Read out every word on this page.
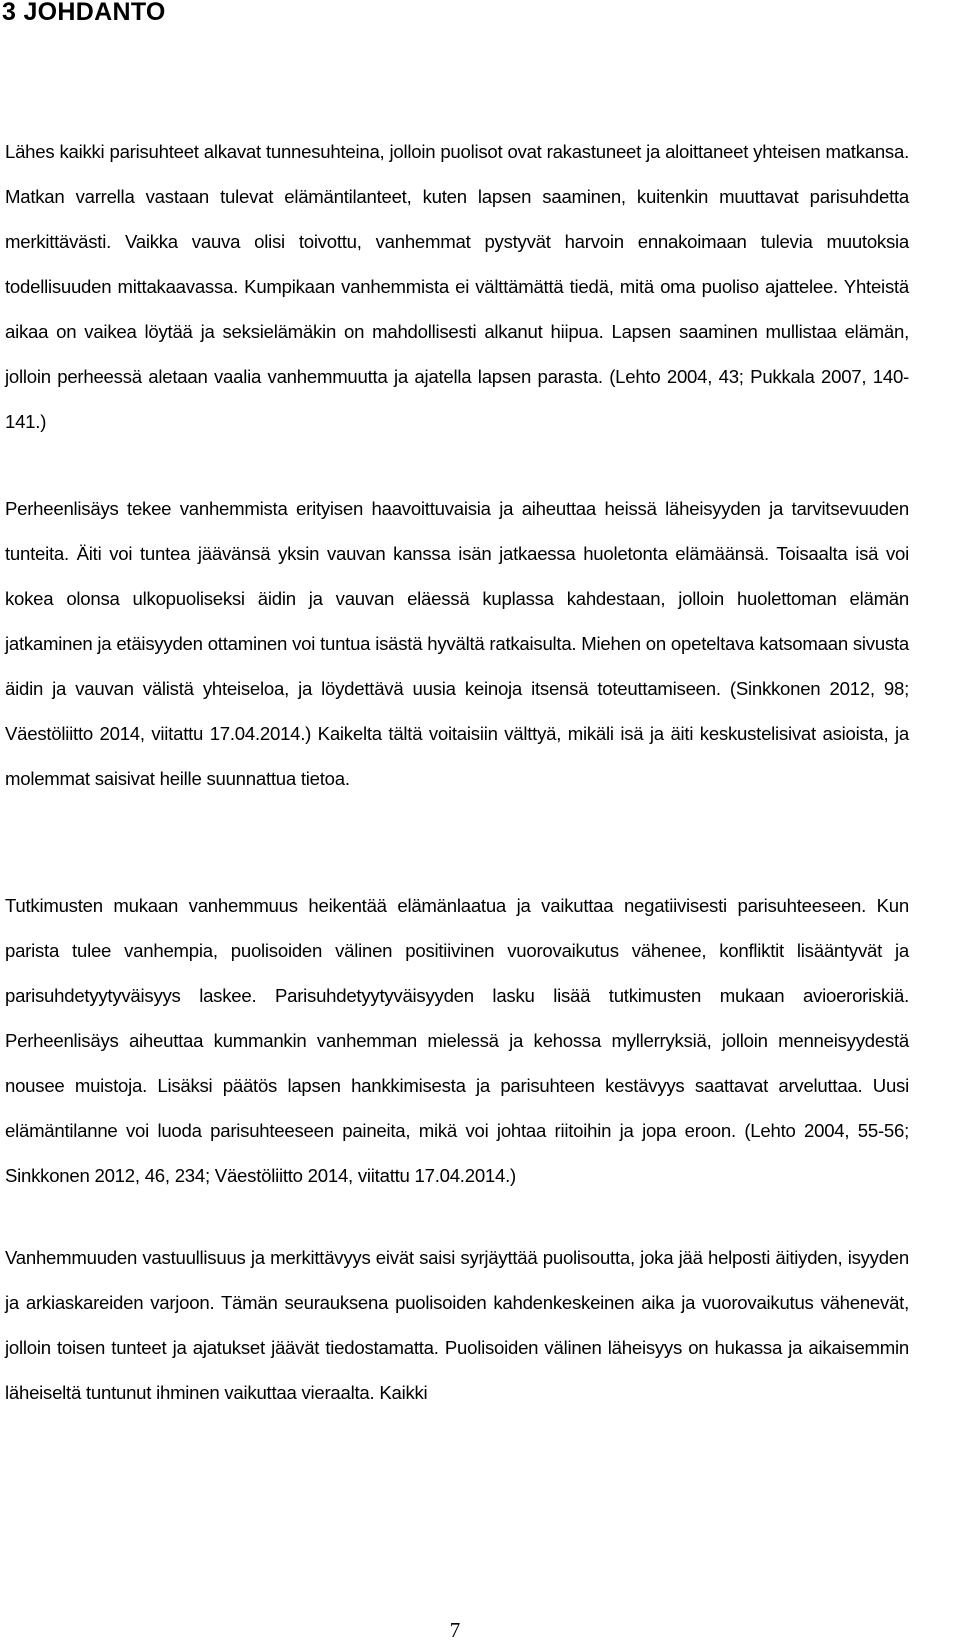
3 JOHDANTO

Lähes kaikki parisuhteet alkavat tunnesuhteina, jolloin puolisot ovat rakastuneet ja aloittaneet yhteisen matkansa. Matkan varrella vastaan tulevat elämäntilanteet, kuten lapsen saaminen, kuitenkin muuttavat parisuhdetta merkittävästi. Vaikka vauva olisi toivottu, vanhemmat pystyvät harvoin ennakoimaan tulevia muutoksia todellisuuden mittakaavassa. Kumpikaan vanhemmista ei välttämättä tiedä, mitä oma puoliso ajattelee. Yhteistä aikaa on vaikea löytää ja seksielämäkin on mahdollisesti alkanut hiipua. Lapsen saaminen mullistaa elämän, jolloin perheessä aletaan vaalia vanhemmuutta ja ajatella lapsen parasta. (Lehto 2004, 43; Pukkala 2007, 140-141.)

Perheenlisäys tekee vanhemmista erityisen haavoittuvaisia ja aiheuttaa heissä läheisyyden ja tarvitsevuuden tunteita. Äiti voi tuntea jäävänsä yksin vauvan kanssa isän jatkaessa huoletonta elämäänsä. Toisaalta isä voi kokea olonsa ulkopuoliseksi äidin ja vauvan eläessä kuplassa kahdestaan, jolloin huolettoman elämän jatkaminen ja etäisyyden ottaminen voi tuntua isästä hyvältä ratkaisulta. Miehen on opeteltava katsomaan sivusta äidin ja vauvan välistä yhteiseloa, ja löydettävä uusia keinoja itsensä toteuttamiseen. (Sinkkonen 2012, 98; Väestöliitto 2014, viitattu 17.04.2014.) Kaikelta tältä voitaisiin välttyä, mikäli isä ja äiti keskustelisivat asioista, ja molemmat saisivat heille suunnattua tietoa.

Tutkimusten mukaan vanhemmuus heikentää elämänlaatua ja vaikuttaa negatiivisesti parisuhteeseen. Kun parista tulee vanhempia, puolisoiden välinen positiivinen vuorovaikutus vähenee, konfliktit lisääntyvät ja parisuhdetyytyväisyys laskee. Parisuhdetyytyväisyyden lasku lisää tutkimusten mukaan avioeroriskiä. Perheenlisäys aiheuttaa kummankin vanhemman mielessä ja kehossa myllerryksiä, jolloin menneisyydestä nousee muistoja. Lisäksi päätös lapsen hankkimisesta ja parisuhteen kestävyys saattavat arveluttaa. Uusi elämäntilanne voi luoda parisuhteeseen paineita, mikä voi johtaa riitoihin ja jopa eroon. (Lehto 2004, 55-56; Sinkkonen 2012, 46, 234; Väestöliitto 2014, viitattu 17.04.2014.)

Vanhemmuuden vastuullisuus ja merkittävyys eivät saisi syrjäyttää puolisoutta, joka jää helposti äitiyden, isyyden ja arkiaskareiden varjoon. Tämän seurauksena puolisoiden kahdenkeskeinen aika ja vuorovaikutus vähenevät, jolloin toisen tunteet ja ajatukset jäävät tiedostamatta. Puolisoiden välinen läheisyys on hukassa ja aikaisemmin läheiseltä tuntunut ihminen vaikuttaa vieraalta. Kaikki

7
